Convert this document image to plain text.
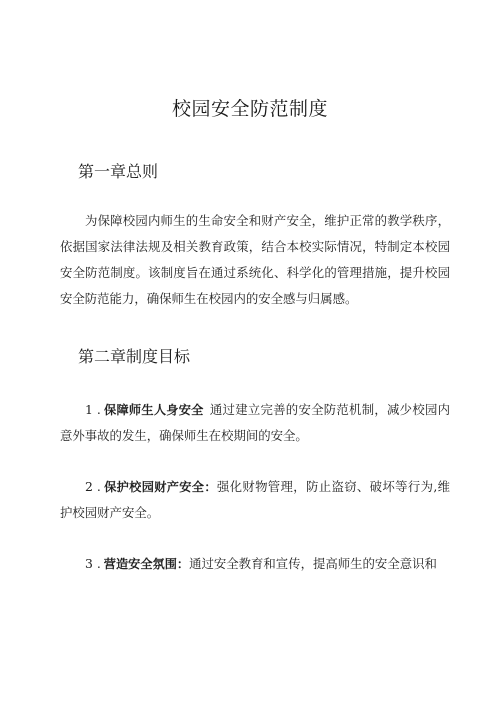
校园安全防范制度
第一章总则

为保障校园内师生的生命安全和财产安全，维护正常的教学秩序，依据国家法律法规及相关教育政策，结合本校实际情况，特制定本校园安全防范制度。该制度旨在通过系统化、科学化的管理措施，提升校园安全防范能力，确保师生在校园内的安全感与归属感。

第二章制度目标

1 . 保障师生人身安全 通过建立完善的安全防范机制，减少校园内意外事故的发生，确保师生在校期间的安全。

2 . 保护校园财产安全：强化财物管理，防止盗窃、破坏等行为,维护校园财产安全。

3 . 营造安全氛围：通过安全教育和宣传，提高师生的安全意识和
